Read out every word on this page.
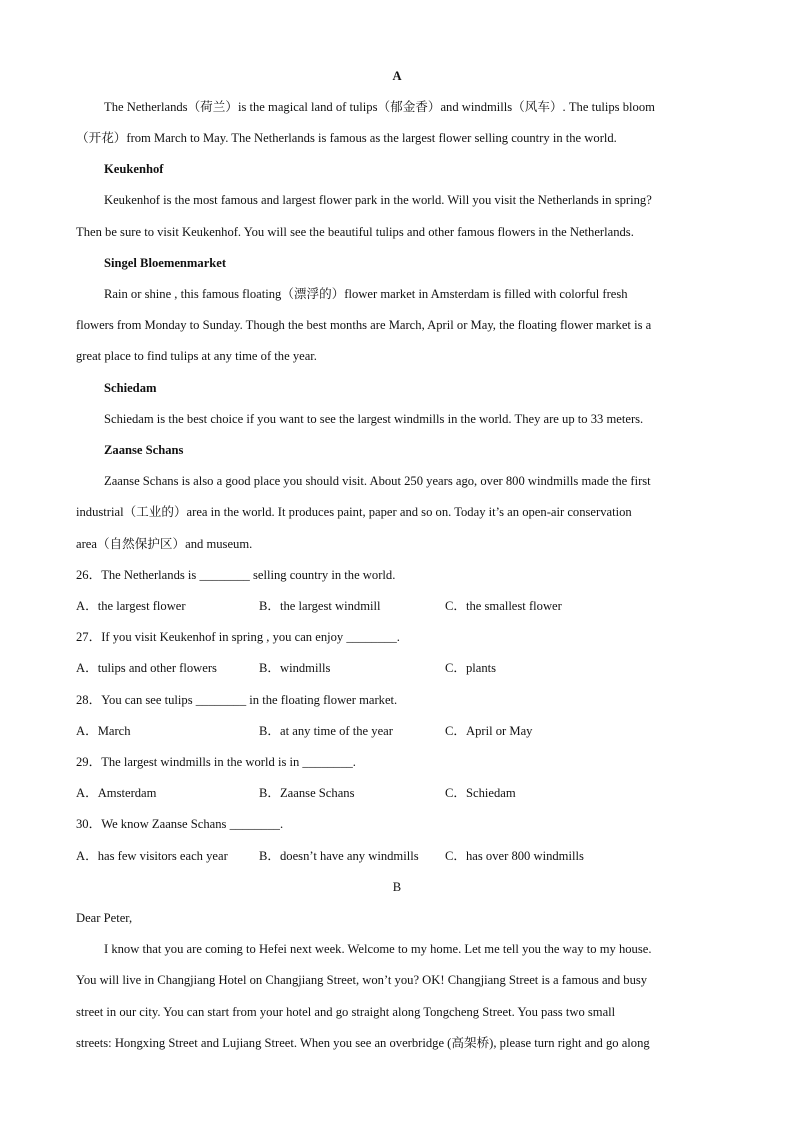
A
The Netherlands（荷兰）is the magical land of tulips（郁金香）and windmills（风车）. The tulips bloom
（开花）from March to May. The Netherlands is famous as the largest flower selling country in the world.
Keukenhof
Keukenhof is the most famous and largest flower park in the world. Will you visit the Netherlands in spring?
Then be sure to visit Keukenhof. You will see the beautiful tulips and other famous flowers in the Netherlands.
Singel Bloemenmarket
Rain or shine , this famous floating（漂浮的）flower market in Amsterdam is filled with colorful fresh
flowers from Monday to Sunday. Though the best months are March, April or May, the floating flower market is a
great place to find tulips at any time of the year.
Schiedam
Schiedam is the best choice if you want to see the largest windmills in the world. They are up to 33 meters.
Zaanse Schans
Zaanse Schans is also a good place you should visit. About 250 years ago, over 800 windmills made the first
industrial（工业的）area in the world. It produces paint, paper and so on. Today it’s an open-air conservation
area（自然保护区）and museum.
26．The Netherlands is ________ selling country in the world.
A．the largest flower	B．the largest windmill	C．the smallest flower
27．If you visit Keukenhof in spring , you can enjoy ________.
A．tulips and other flowers	B．windmills	C．plants
28．You can see tulips ________ in the floating flower market.
A．March	B．at any time of the year	C．April or May
29．The largest windmills in the world is in ________.
A．Amsterdam	B．Zaanse Schans	C．Schiedam
30．We know Zaanse Schans ________.
A．has few visitors each year B．doesn’t have any windmills C．has over 800 windmills
B
Dear Peter,
I know that you are coming to Hefei next week. Welcome to my home. Let me tell you the way to my house.
You will live in Changjiang Hotel on Changjiang Street, won’t you? OK! Changjiang Street is a famous and busy
street in our city. You can start from your hotel and go straight along Tongcheng Street. You pass two small
streets: Hongxing Street and Lujiang Street. When you see an overbridge (高架桥), please turn right and go along
